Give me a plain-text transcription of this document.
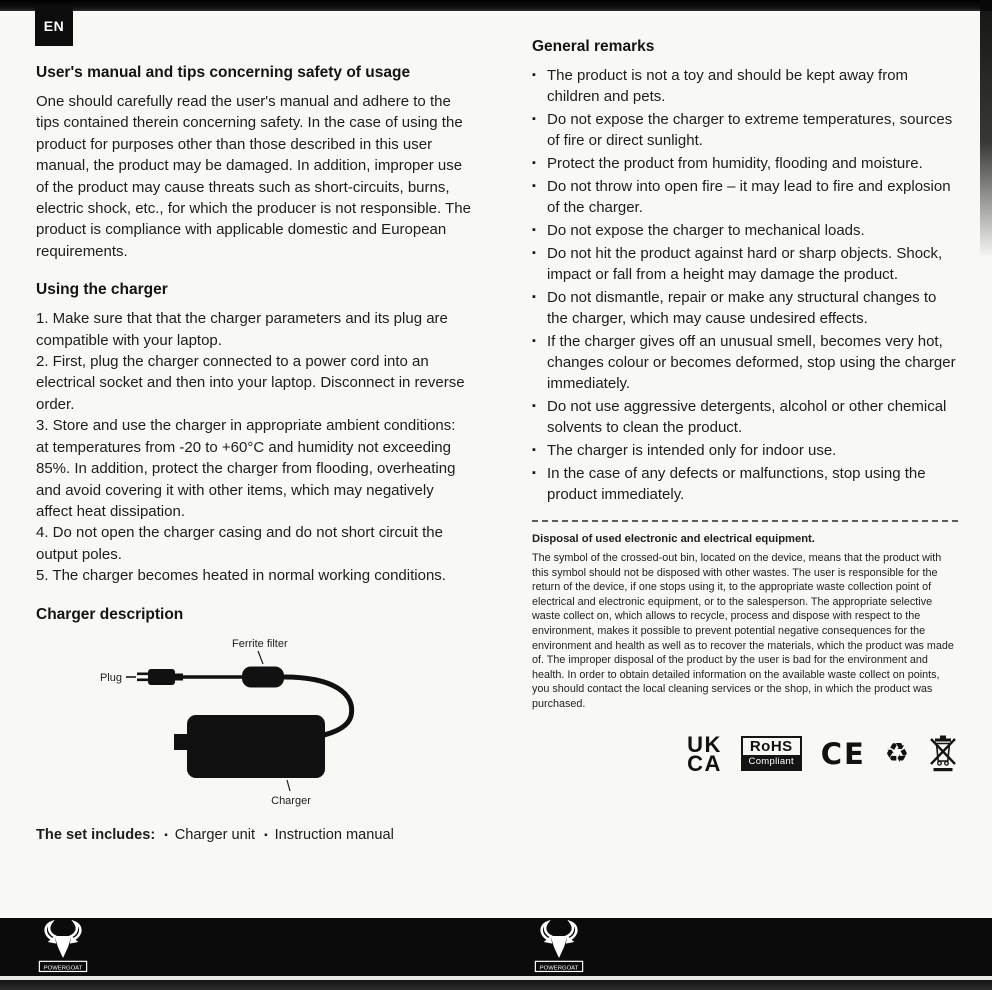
EN
User's manual and tips concerning safety of usage

One should carefully read the user's manual and adhere to the tips contained therein concerning safety. In the case of using the product for purposes other than those described in this user manual, the product may be damaged. In addition, improper use of the product may cause threats such as short-circuits, burns, electric shock, etc., for which the producer is not responsible. The product is compliance with applicable domestic and European requirements.

Using the charger

1. Make sure that that the charger parameters and its plug are compatible with your laptop.

2. First, plug the charger connected to a power cord into an electrical socket and then into your laptop. Disconnect in reverse order.

3. Store and use the charger in appropriate ambient conditions: at temperatures from -20 to +60°C and humidity not exceeding 85%. In addition, protect the charger from flooding, overheating and avoid covering it with other items, which may negatively affect heat dissipation.

4. Do not open the charger casing and do not short circuit the output poles.

5. The charger becomes heated in normal working conditions.

Charger description
Ferrite filter
Plug
Charger
The set includes: ▪ Charger unit ▪ Instruction manual
General remarks
▪ The product is not a toy and should be kept away from children and pets.
▪ Do not expose the charger to extreme temperatures, sources of fire or direct sunlight.
▪ Protect the product from humidity, flooding and moisture.
▪ Do not throw into open fire – it may lead to fire and explosion of the charger.
▪ Do not expose the charger to mechanical loads.
▪ Do not hit the product against hard or sharp objects. Shock, impact or fall from a height may damage the product.
▪ Do not dismantle, repair or make any structural changes to the charger, which may cause undesired effects.
▪ If the charger gives off an unusual smell, becomes very hot, changes colour or becomes deformed, stop using the charger immediately.
▪ Do not use aggressive detergents, alcohol or other chemical solvents to clean the product.
▪ The charger is intended only for indoor use.
▪ In the case of any defects or malfunctions, stop using the product immediately.
Disposal of used electronic and electrical equipment.

The symbol of the crossed-out bin, located on the device, means that the product with this symbol should not be disposed with other wastes. The user is responsible for the return of the device, if one stops using it, to the appropriate waste collection point of electrical and electronic equipment, or to the salesperson. The appropriate selective waste collect on, which allows to recycle, process and dispose with respect to the environment, makes it possible to prevent potential negative consequences for the environment and health as well as to recover the materials, which the product was made of. The improper disposal of the product by the user is bad for the environment and health. In order to obtain detailed information on the available waste collect on points, you should contact the local cleaning services or the shop, in which the product was purchased.

UK
CA
RoHS
Compliant CE ♻
POWERGOAT	POWERGOAT
